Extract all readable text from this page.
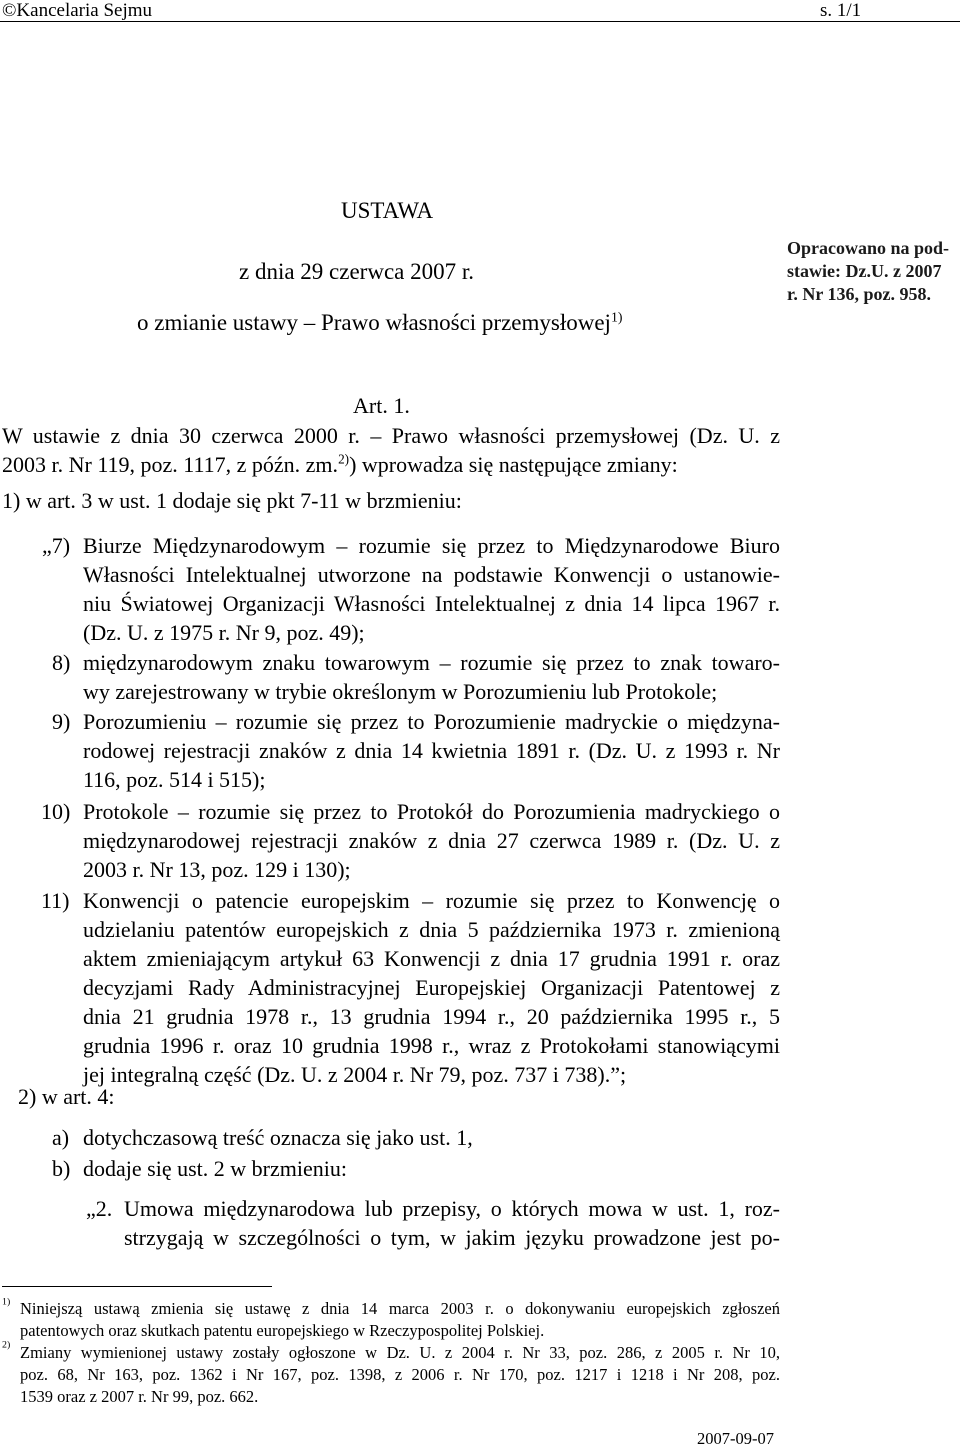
©Kancelaria Sejmu	s. 1/1
USTAWA
z dnia 29 czerwca 2007 r.
o zmianie ustawy – Prawo własności przemysłowej$^{1)}$
Opracowano na pod-
stawie: Dz.U. z 2007
r. Nr 136, poz. 958.
Art. 1.
W ustawie z dnia 30 czerwca 2000 r. – Prawo własności przemysłowej (Dz. U. z
2003 r. Nr 119, poz. 1117, z późn. zm.$^{2)}$) wprowadza się następujące zmiany:
1) w art. 3 w ust. 1 dodaje się pkt 7-11 w brzmieniu:
„7) Biurze Międzynarodowym – rozumie się przez to Międzynarodowe Biuro
Własności Intelektualnej utworzone na podstawie Konwencji o ustanowie-
niu Światowej Organizacji Własności Intelektualnej z dnia 14 lipca 1967 r.
(Dz. U. z 1975 r. Nr 9, poz. 49);
8) międzynarodowym znaku towarowym – rozumie się przez to znak towaro-
wy zarejestrowany w trybie określonym w Porozumieniu lub Protokole;
9) Porozumieniu – rozumie się przez to Porozumienie madryckie o międzyna-
rodowej rejestracji znaków z dnia 14 kwietnia 1891 r. (Dz. U. z 1993 r. Nr
116, poz. 514 i 515);
10) Protokole – rozumie się przez to Protokół do Porozumienia madryckiego o
międzynarodowej rejestracji znaków z dnia 27 czerwca 1989 r. (Dz. U. z
2003 r. Nr 13, poz. 129 i 130);
11) Konwencji o patencie europejskim – rozumie się przez to Konwencję o
udzielaniu patentów europejskich z dnia 5 października 1973 r. zmienioną
aktem zmieniającym artykuł 63 Konwencji z dnia 17 grudnia 1991 r. oraz
decyzjami Rady Administracyjnej Europejskiej Organizacji Patentowej z
dnia 21 grudnia 1978 r., 13 grudnia 1994 r., 20 października 1995 r., 5
grudnia 1996 r. oraz 10 grudnia 1998 r., wraz z Protokołami stanowiącymi
jej integralną część (Dz. U. z 2004 r. Nr 79, poz. 737 i 738).”;
2) w art. 4:
a) dotychczasową treść oznacza się jako ust. 1,
b) dodaje się ust. 2 w brzmieniu:
„2. Umowa międzynarodowa lub przepisy, o których mowa w ust. 1, roz-
strzygają w szczególności o tym, w jakim języku prowadzone jest po-
$^{1)}$ Niniejszą ustawą zmienia się ustawę z dnia 14 marca 2003 r. o dokonywaniu europejskich zgłoszeń
patentowych oraz skutkach patentu europejskiego w Rzeczypospolitej Polskiej.
$^{2)}$ Zmiany wymienionej ustawy zostały ogłoszone w Dz. U. z 2004 r. Nr 33, poz. 286, z 2005 r. Nr 10,
poz. 68, Nr 163, poz. 1362 i Nr 167, poz. 1398, z 2006 r. Nr 170, poz. 1217 i 1218 i Nr 208, poz.
1539 oraz z 2007 r. Nr 99, poz. 662.
2007-09-07
